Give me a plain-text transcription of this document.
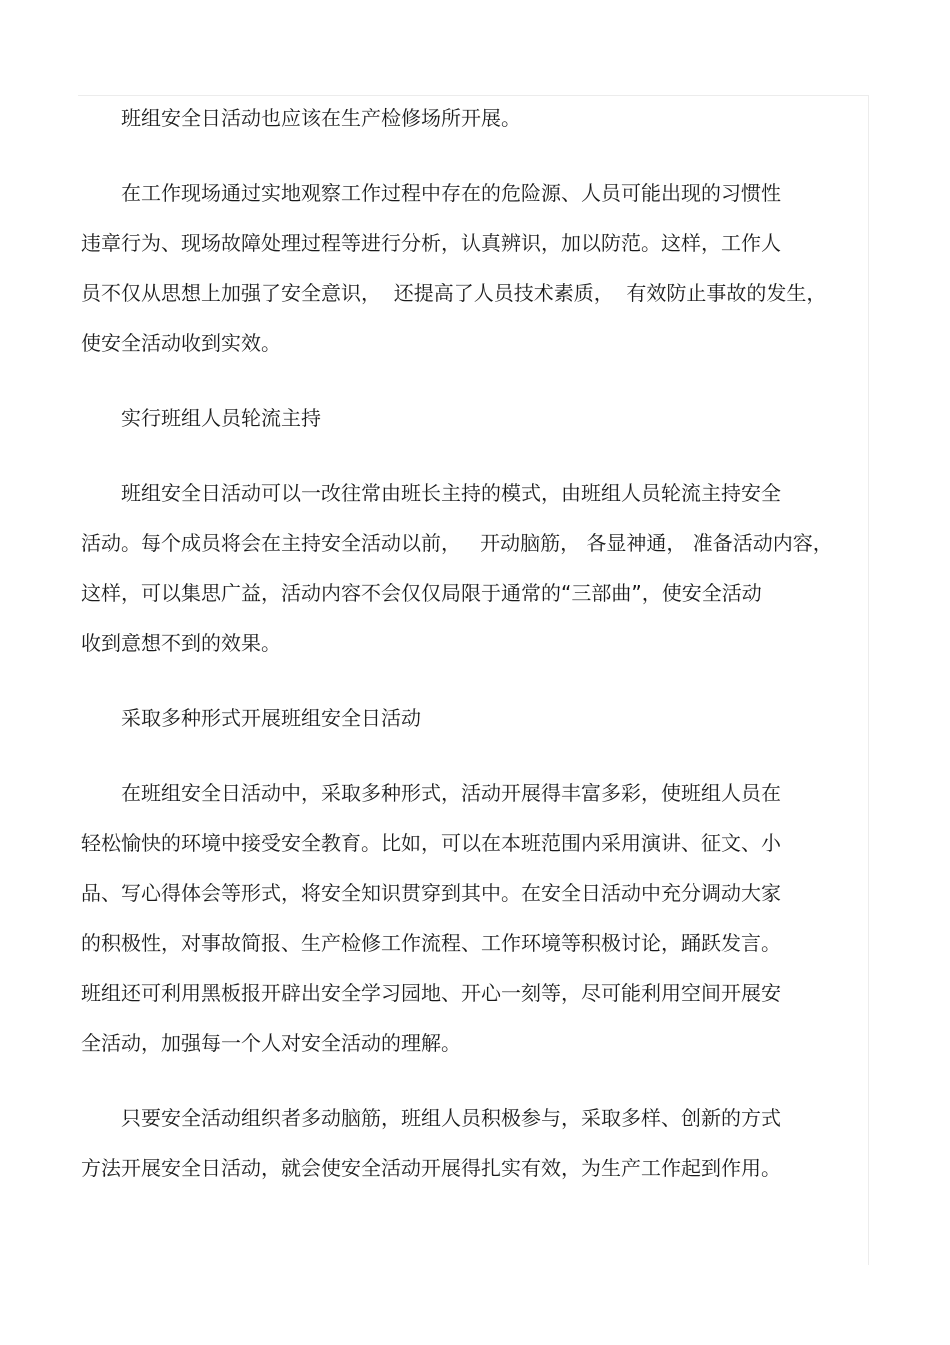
班组安全日活动也应该在生产检修场所开展。
在工作现场通过实地观察工作过程中存在的危险源、人员可能出现的习惯性
违章行为、现场故障处理过程等进行分析，认真辨识，加以防范。这样，工作人
员不仅从思想上加强了安全意识，  还提高了人员技术素质，  有效防止事故的发生，
使安全活动收到实效。
实行班组人员轮流主持
班组安全日活动可以一改往常由班长主持的模式，由班组人员轮流主持安全
活动。每个成员将会在主持安全活动以前，   开动脑筋， 各显神通， 准备活动内容，
这样，可以集思广益，活动内容不会仅仅局限于通常的“三部曲”，使安全活动
收到意想不到的效果。
采取多种形式开展班组安全日活动
在班组安全日活动中，采取多种形式，活动开展得丰富多彩，使班组人员在
轻松愉快的环境中接受安全教育。比如，可以在本班范围内采用演讲、征文、小
品、写心得体会等形式，将安全知识贯穿到其中。在安全日活动中充分调动大家
的积极性，对事故简报、生产检修工作流程、工作环境等积极讨论，踊跃发言。
班组还可利用黑板报开辟出安全学习园地、开心一刻等，尽可能利用空间开展安
全活动，加强每一个人对安全活动的理解。
只要安全活动组织者多动脑筋，班组人员积极参与，采取多样、创新的方式
方法开展安全日活动，就会使安全活动开展得扎实有效，为生产工作起到作用。
